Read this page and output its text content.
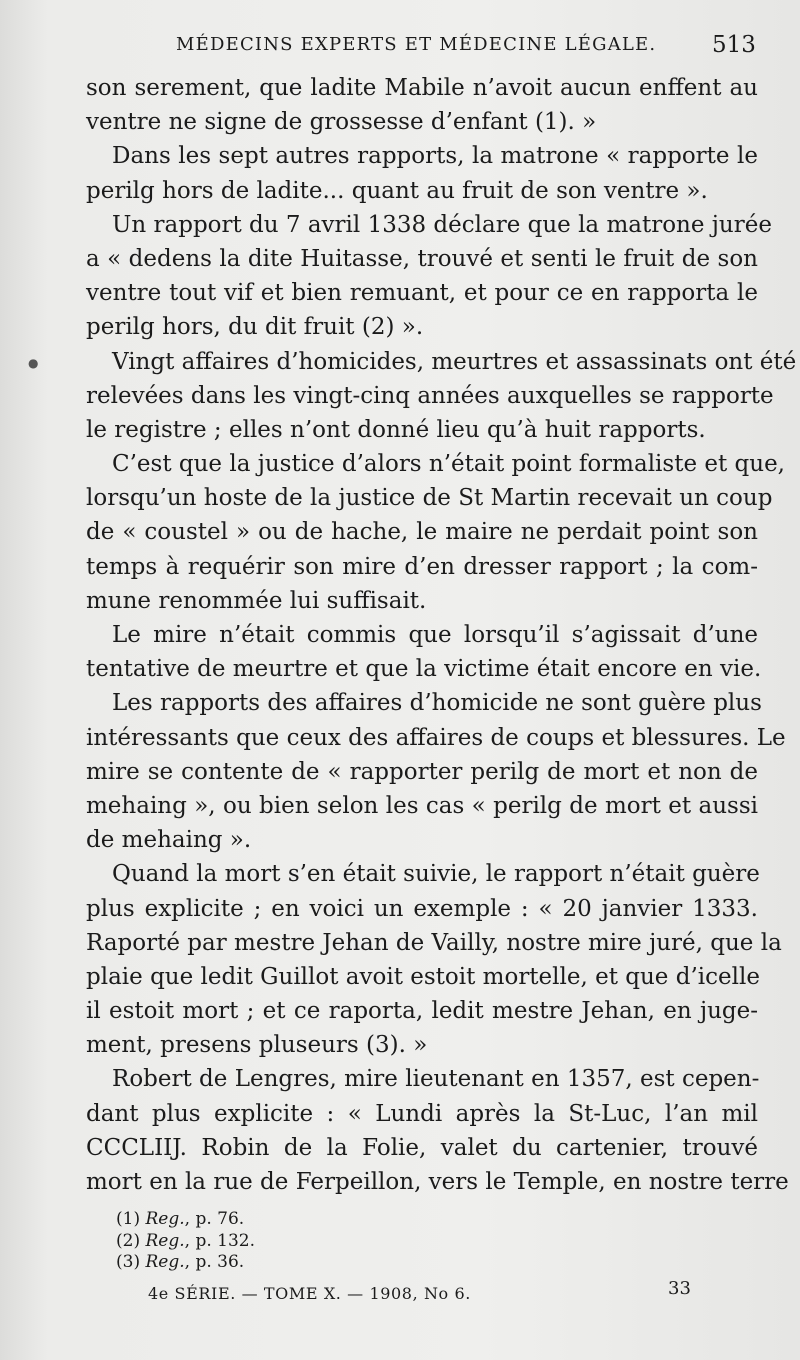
MÉDECINS EXPERTS ET MÉDECINE LÉGALE. 513
●
son serement, que ladite Mabile n’avoit aucun enffent au
ventre ne signe de grossesse d’enfant (1). »
Dans les sept autres rapports, la matrone « rapporte le
perilg hors de ladite... quant au fruit de son ventre ».
Un rapport du 7 avril 1338 déclare que la matrone jurée
a « dedens la dite Huitasse, trouvé et senti le fruit de son
ventre tout vif et bien remuant, et pour ce en rapporta le
perilg hors, du dit fruit (2) ».
Vingt affaires d’homicides, meurtres et assassinats ont été
relevées dans les vingt-cinq années auxquelles se rapporte
le registre ; elles n’ont donné lieu qu’à huit rapports.
C’est que la justice d’alors n’était point formaliste et que,
lorsqu’un hoste de la justice de St Martin recevait un coup
de « coustel » ou de hache, le maire ne perdait point son
temps à requérir son mire d’en dresser rapport ; la com-
mune renommée lui suffisait.
Le mire n’était commis que lorsqu’il s’agissait d’une
tentative de meurtre et que la victime était encore en vie.
Les rapports des affaires d’homicide ne sont guère plus
intéressants que ceux des affaires de coups et blessures. Le
mire se contente de « rapporter perilg de mort et non de
mehaing », ou bien selon les cas « perilg de mort et aussi
de mehaing ».
Quand la mort s’en était suivie, le rapport n’était guère
plus explicite ; en voici un exemple : « 20 janvier 1333.
Raporté par mestre Jehan de Vailly, nostre mire juré, que la
plaie que ledit Guillot avoit estoit mortelle, et que d’icelle
il estoit mort ; et ce raporta, ledit mestre Jehan, en juge-
ment, presens pluseurs (3). »
Robert de Lengres, mire lieutenant en 1357, est cepen-
dant plus explicite : « Lundi après la St-Luc, l’an mil
CCCLIIJ. Robin de la Folie, valet du cartenier, trouvé
mort en la rue de Ferpeillon, vers le Temple, en nostre terre
(1) Reg., p. 76.
(2) Reg., p. 132.
(3) Reg., p. 36.
4e SÉRIE. — TOME X. — 1908, No 6.	33
